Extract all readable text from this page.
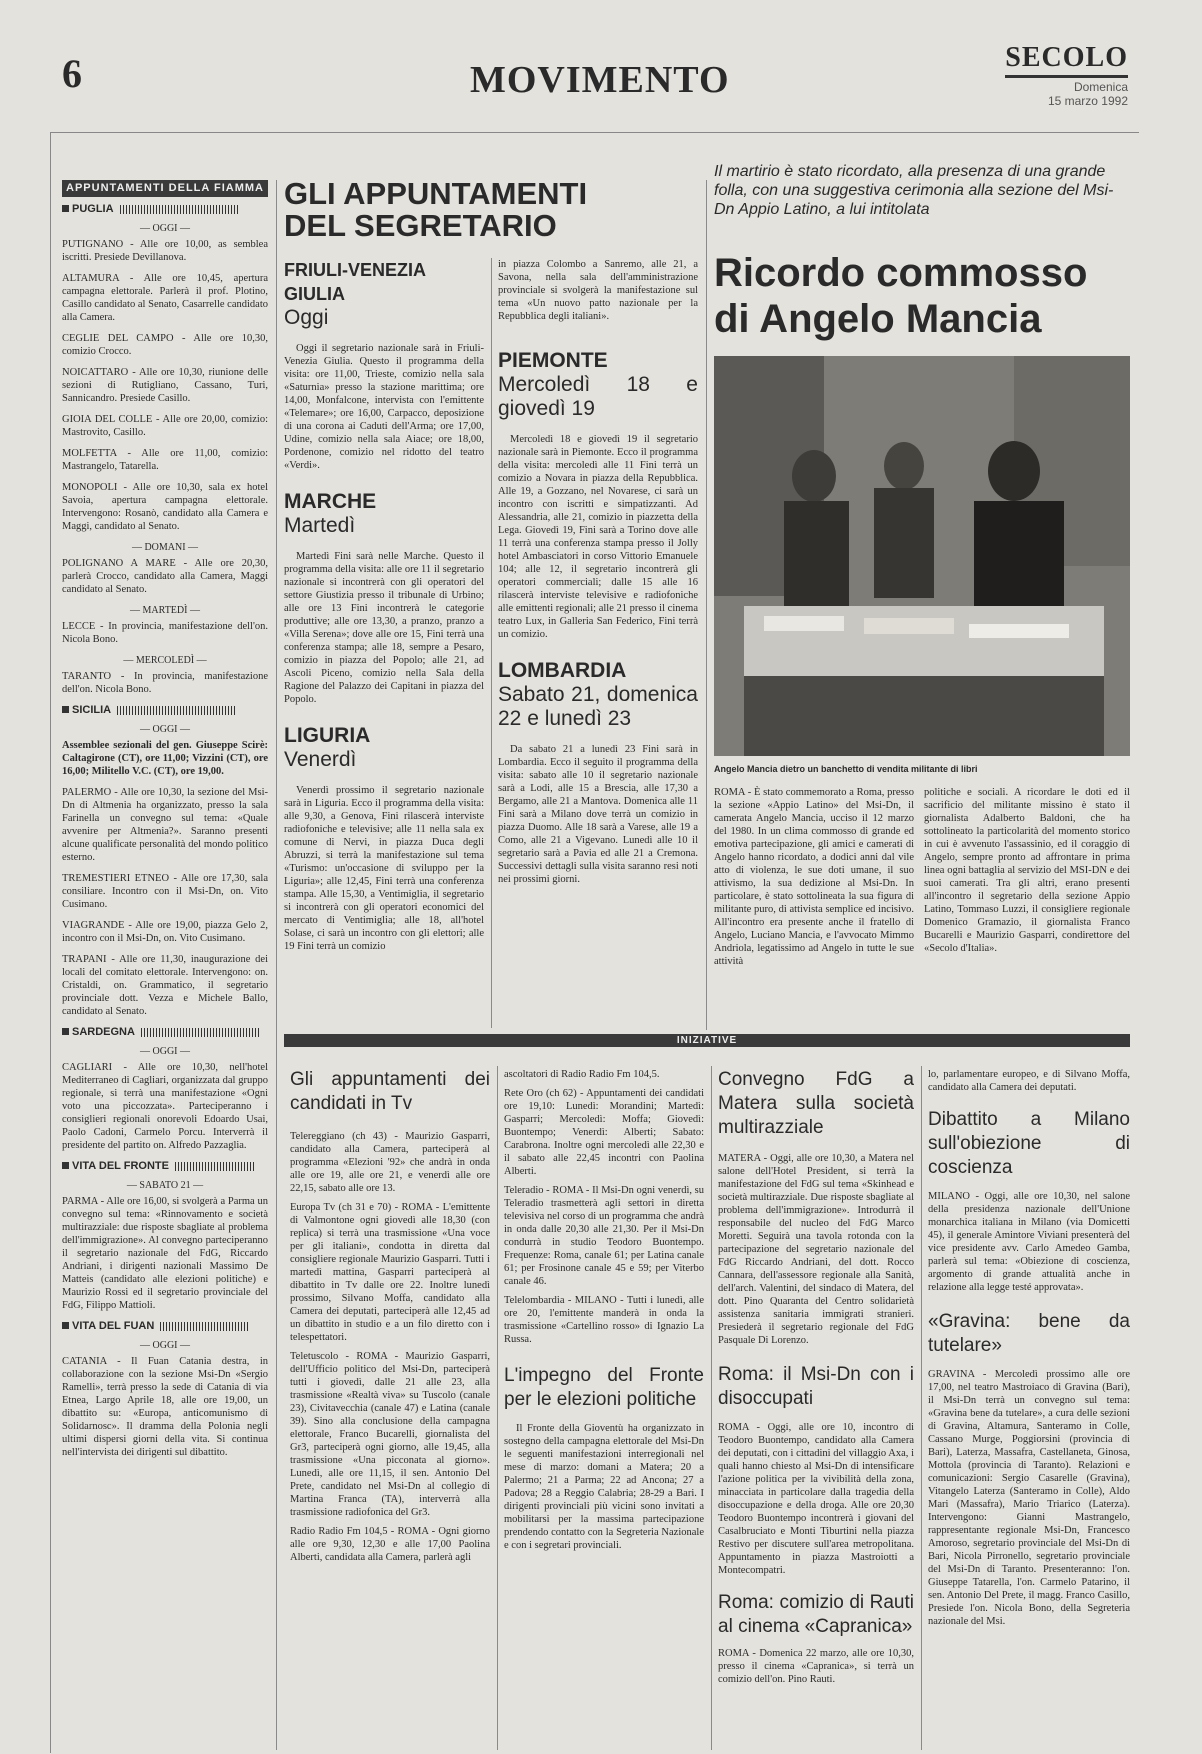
6	MOVIMENTO
SECOLO
Domenica
15 marzo 1992
APPUNTAMENTI DELLA FIAMMA
PUGLIA
— OGGI —

PUTIGNANO - Alle ore 10,00, as semblea iscritti. Presiede Devillanova.

ALTAMURA - Alle ore 10,45, apertura campagna elettorale. Parlerà il prof. Plotino, Casillo candidato al Senato, Casarrelle candidato alla Camera.

CEGLIE DEL CAMPO - Alle ore 10,30, comizio Crocco.

NOICATTARO - Alle ore 10,30, riunione delle sezioni di Rutigliano, Cassano, Turi, Sannicandro. Presiede Casillo.

GIOIA DEL COLLE - Alle ore 20,00, comizio: Mastrovito, Casillo.

MOLFETTA - Alle ore 11,00, comizio: Mastrangelo, Tatarella.

MONOPOLI - Alle ore 10,30, sala ex hotel Savoia, apertura campagna elettorale. Intervengono: Rosanò, candidato alla Camera e Maggi, candidato al Senato.

— DOMANI —

POLIGNANO A MARE - Alle ore 20,30, parlerà Crocco, candidato alla Camera, Maggi candidato al Senato.

— MARTEDÌ —

LECCE - In provincia, manifestazione dell'on. Nicola Bono.

— MERCOLEDÌ —

TARANTO - In provincia, manifestazione dell'on. Nicola Bono.

SICILIA
— OGGI —

Assemblee sezionali del gen. Giuseppe Scirè: Caltagirone (CT), ore 11,00; Vizzini (CT), ore 16,00; Militello V.C. (CT), ore 19,00.

PALERMO - Alle ore 10,30, la sezione del Msi-Dn di Altmenia ha organizzato, presso la sala Farinella un convegno sul tema: «Quale avvenire per Altmenia?». Saranno presenti alcune qualificate personalità del mondo politico esterno.

TREMESTIERI ETNEO - Alle ore 17,30, sala consiliare. Incontro con il Msi-Dn, on. Vito Cusimano.

VIAGRANDE - Alle ore 19,00, piazza Gelo 2, incontro con il Msi-Dn, on. Vito Cusimano.

TRAPANI - Alle ore 11,30, inaugurazione dei locali del comitato elettorale. Intervengono: on. Cristaldi, on. Grammatico, il segretario provinciale dott. Vezza e Michele Ballo, candidato al Senato.

SARDEGNA
— OGGI —

CAGLIARI - Alle ore 10,30, nell'hotel Mediterraneo di Cagliari, organizzata dal gruppo regionale, si terrà una manifestazione «Ogni voto una piccozzata». Parteciperanno i consiglieri regionali onorevoli Edoardo Usai, Paolo Cadoni, Carmelo Porcu. Interverrà il presidente del partito on. Alfredo Pazzaglia.

VITA DEL FRONTE
— SABATO 21 —

PARMA - Alle ore 16,00, si svolgerà a Parma un convegno sul tema: «Rinnovamento e società multirazziale: due risposte sbagliate al problema dell'immigrazione». Al convegno parteciperanno il segretario nazionale del FdG, Riccardo Andriani, i dirigenti nazionali Massimo De Matteis (candidato alle elezioni politiche) e Maurizio Rossi ed il segretario provinciale del FdG, Filippo Mattioli.

VITA DEL FUAN
— OGGI —

CATANIA - Il Fuan Catania destra, in collaborazione con la sezione Msi-Dn «Sergio Ramelli», terrà presso la sede di Catania di via Etnea, Largo Aprile 18, alle ore 19,00, un dibattito su: «Europa, anticomunismo di Solidarnosc». Il dramma della Polonia negli ultimi dispersi giorni della vita. Si continua nell'intervista dei dirigenti sul dibattito.

GLI APPUNTAMENTI DEL SEGRETARIO
FRIULI-VENEZIA GIULIA
Oggi

Oggi il segretario nazionale sarà in Friuli-Venezia Giulia. Questo il programma della visita: ore 11,00, Trieste, comizio nella sala «Saturnia» presso la stazione marittima; ore 14,00, Monfalcone, intervista con l'emittente «Telemare»; ore 16,00, Carpacco, deposizione di una corona ai Caduti dell'Arma; ore 17,00, Udine, comizio nella sala Aiace; ore 18,00, Pordenone, comizio nel ridotto del teatro «Verdi».

MARCHE
Martedì

Martedì Fini sarà nelle Marche. Questo il programma della visita: alle ore 11 il segretario nazionale si incontrerà con gli operatori del settore Giustizia presso il tribunale di Urbino; alle ore 13 Fini incontrerà le categorie produttive; alle ore 13,30, a pranzo, pranzo a «Villa Serena»; dove alle ore 15, Fini terrà una conferenza stampa; alle 18, sempre a Pesaro, comizio in piazza del Popolo; alle 21, ad Ascoli Piceno, comizio nella Sala della Ragione del Palazzo dei Capitani in piazza del Popolo.

LIGURIA
Venerdì

Venerdì prossimo il segretario nazionale sarà in Liguria. Ecco il programma della visita: alle 9,30, a Genova, Fini rilascerà interviste radiofoniche e televisive; alle 11 nella sala ex comune di Nervi, in piazza Duca degli Abruzzi, si terrà la manifestazione sul tema «Turismo: un'occasione di sviluppo per la Liguria»; alle 12,45, Fini terrà una conferenza stampa. Alle 15,30, a Ventimiglia, il segretario si incontrerà con gli operatori economici del mercato di Ventimiglia; alle 18, all'hotel Solase, ci sarà un incontro con gli elettori; alle 19 Fini terrà un comizio

in piazza Colombo a Sanremo, alle 21, a Savona, nella sala dell'amministrazione provinciale si svolgerà la manifestazione sul tema «Un nuovo patto nazionale per la Repubblica degli italiani».

PIEMONTE
Mercoledì 18 e giovedì 19

Mercoledì 18 e giovedì 19 il segretario nazionale sarà in Piemonte. Ecco il programma della visita: mercoledì alle 11 Fini terrà un comizio a Novara in piazza della Repubblica. Alle 19, a Gozzano, nel Novarese, ci sarà un incontro con iscritti e simpatizzanti. Ad Alessandria, alle 21, comizio in piazzetta della Lega. Giovedì 19, Fini sarà a Torino dove alle 11 terrà una conferenza stampa presso il Jolly hotel Ambasciatori in corso Vittorio Emanuele 104; alle 12, il segretario incontrerà gli operatori commerciali; dalle 15 alle 16 rilascerà interviste televisive e radiofoniche alle emittenti regionali; alle 21 presso il cinema teatro Lux, in Galleria San Federico, Fini terrà un comizio.

LOMBARDIA
Sabato 21, domenica 22 e lunedì 23

Da sabato 21 a lunedì 23 Fini sarà in Lombardia. Ecco il seguito il programma della visita: sabato alle 10 il segretario nazionale sarà a Lodi, alle 15 a Brescia, alle 17,30 a Bergamo, alle 21 a Mantova. Domenica alle 11 Fini sarà a Milano dove terrà un comizio in piazza Duomo. Alle 18 sarà a Varese, alle 19 a Como, alle 21 a Vigevano. Lunedì alle 10 il segretario sarà a Pavia ed alle 21 a Cremona. Successivi dettagli sulla visita saranno resi noti nei prossimi giorni.

Il martirio è stato ricordato, alla presenza di una grande folla, con una suggestiva cerimonia alla sezione del Msi-Dn Appio Latino, a lui intitolata
Ricordo commosso di Angelo Mancia
Angelo Mancia dietro un banchetto di vendita militante di libri

ROMA - È stato commemorato a Roma, presso la sezione «Appio Latino» del Msi-Dn, il camerata Angelo Mancia, ucciso il 12 marzo del 1980. In un clima commosso di grande ed emotiva partecipazione, gli amici e camerati di Angelo hanno ricordato, a dodici anni dal vile atto di violenza, le sue doti umane, il suo attivismo, la sua dedizione al Msi-Dn. In particolare, è stato sottolineata la sua figura di militante puro, di attivista semplice ed incisivo. All'incontro era presente anche il fratello di Angelo, Luciano Mancia, e l'avvocato Mimmo Andriola, legatissimo ad Angelo in tutte le sue attività

politiche e sociali. A ricordare le doti ed il sacrificio del militante missino è stato il giornalista Adalberto Baldoni, che ha sottolineato la particolarità del momento storico in cui è avvenuto l'assassinio, ed il coraggio di Angelo, sempre pronto ad affrontare in prima linea ogni battaglia al servizio del MSI-DN e dei suoi camerati. Tra gli altri, erano presenti all'incontro il segretario della sezione Appio Latino, Tommaso Luzzi, il consigliere regionale Domenico Gramazio, il giornalista Franco Bucarelli e Maurizio Gasparri, condirettore del «Secolo d'Italia».

INIZIATIVE
Gli appuntamenti dei candidati in Tv

Telereggiano (ch 43) - Maurizio Gasparri, candidato alla Camera, parteciperà al programma «Elezioni '92» che andrà in onda alle ore 19, alle ore 21, e venerdì alle ore 22,15, sabato alle ore 13.

Europa Tv (ch 31 e 70) - ROMA - L'emittente di Valmontone ogni giovedì alle 18,30 (con replica) si terrà una trasmissione «Una voce per gli italiani», condotta in diretta dal consigliere regionale Maurizio Gasparri. Tutti i martedì mattina, Gasparri parteciperà al dibattito in Tv dalle ore 22. Inoltre lunedì prossimo, Silvano Moffa, candidato alla Camera dei deputati, parteciperà alle 12,45 ad un dibattito in studio e a un filo diretto con i telespettatori.

Teletuscolo - ROMA - Maurizio Gasparri, dell'Ufficio politico del Msi-Dn, parteciperà tutti i giovedì, dalle 21 alle 23, alla trasmissione «Realtà viva» su Tuscolo (canale 23), Civitavecchia (canale 47) e Latina (canale 39). Sino alla conclusione della campagna elettorale, Franco Bucarelli, giornalista del Gr3, parteciperà ogni giorno, alle 19,45, alla trasmissione «Una picconata al giorno». Lunedì, alle ore 11,15, il sen. Antonio Del Prete, candidato nel Msi-Dn al collegio di Martina Franca (TA), interverrà alla trasmissione radiofonica del Gr3.

Radio Radio Fm 104,5 - ROMA - Ogni giorno alle ore 9,30, 12,30 e alle 17,00 Paolina Alberti, candidata alla Camera, parlerà agli

ascoltatori di Radio Radio Fm 104,5.

Rete Oro (ch 62) - Appuntamenti dei candidati ore 19,10: Lunedì: Morandini; Martedì: Gasparri; Mercoledì: Moffa; Giovedì: Buontempo; Venerdì: Alberti; Sabato: Carabrona. Inoltre ogni mercoledì alle 22,30 e il sabato alle 22,45 incontri con Paolina Alberti.

Teleradio - ROMA - Il Msi-Dn ogni venerdì, su Teleradio trasmetterà agli settori in diretta televisiva nel corso di un programma che andrà in onda dalle 20,30 alle 21,30. Per il Msi-Dn condurrà in studio Teodoro Buontempo. Frequenze: Roma, canale 61; per Latina canale 61; per Frosinone canale 45 e 59; per Viterbo canale 46.

Telelombardia - MILANO - Tutti i lunedì, alle ore 20, l'emittente manderà in onda la trasmissione «Cartellino rosso» di Ignazio La Russa.

L'impegno del Fronte per le elezioni politiche

Il Fronte della Gioventù ha organizzato in sostegno della campagna elettorale del Msi-Dn le seguenti manifestazioni interregionali nel mese di marzo: domani a Matera; 20 a Palermo; 21 a Parma; 22 ad Ancona; 27 a Padova; 28 a Reggio Calabria; 28-29 a Bari. I dirigenti provinciali più vicini sono invitati a mobilitarsi per la massima partecipazione prendendo contatto con la Segreteria Nazionale e con i segretari provinciali.

Convegno FdG a Matera sulla società multirazziale

MATERA - Oggi, alle ore 10,30, a Matera nel salone dell'Hotel President, si terrà la manifestazione del FdG sul tema «Skinhead e società multirazziale. Due risposte sbagliate al problema dell'immigrazione». Introdurrà il responsabile del nucleo del FdG Marco Moretti. Seguirà una tavola rotonda con la partecipazione del segretario nazionale del FdG Riccardo Andriani, del dott. Rocco Cannara, dell'assessore regionale alla Sanità, dell'arch. Valentini, del sindaco di Matera, del dott. Pino Quaranta del Centro solidarietà assistenza sanitaria immigrati stranieri. Presiederà il segretario regionale del FdG Pasquale Di Lorenzo.

Roma: il Msi-Dn con i disoccupati

ROMA - Oggi, alle ore 10, incontro di Teodoro Buontempo, candidato alla Camera dei deputati, con i cittadini del villaggio Axa, i quali hanno chiesto al Msi-Dn di intensificare l'azione politica per la vivibilità della zona, minacciata in particolare dalla tragedia della disoccupazione e della droga. Alle ore 20,30 Teodoro Buontempo incontrerà i giovani del Casalbruciato e Monti Tiburtini nella piazza Restivo per discutere sull'area metropolitana. Appuntamento in piazza Mastroiotti a Montecompatri.

Roma: comizio di Rauti al cinema «Capranica»

ROMA - Domenica 22 marzo, alle ore 10,30, presso il cinema «Capranica», si terrà un comizio dell'on. Pino Rauti.

lo, parlamentare europeo, e di Silvano Moffa, candidato alla Camera dei deputati.

Dibattito a Milano sull'obiezione di coscienza

MILANO - Oggi, alle ore 10,30, nel salone della presidenza nazionale dell'Unione monarchica italiana in Milano (via Domicetti 45), il generale Amintore Viviani presenterà del vice presidente avv. Carlo Amedeo Gamba, parlerà sul tema: «Obiezione di coscienza, argomento di grande attualità anche in relazione alla legge testé approvata».

«Gravina: bene da tutelare»

GRAVINA - Mercoledì prossimo alle ore 17,00, nel teatro Mastroiaco di Gravina (Bari), il Msi-Dn terrà un convegno sul tema: «Gravina bene da tutelare», a cura delle sezioni di Gravina, Altamura, Santeramo in Colle, Cassano Murge, Poggiorsini (provincia di Bari), Laterza, Massafra, Castellaneta, Ginosa, Mottola (provincia di Taranto). Relazioni e comunicazioni: Sergio Casarelle (Gravina), Vitangelo Laterza (Santeramo in Colle), Aldo Mari (Massafra), Mario Triarico (Laterza). Intervengono: Gianni Mastrangelo, rappresentante regionale Msi-Dn, Francesco Amoroso, segretario provinciale del Msi-Dn di Bari, Nicola Pirronello, segretario provinciale del Msi-Dn di Taranto. Presenteranno: l'on. Giuseppe Tatarella, l'on. Carmelo Patarino, il sen. Antonio Del Prete, il magg. Franco Casillo, Presiede l'on. Nicola Bono, della Segreteria nazionale del Msi.
